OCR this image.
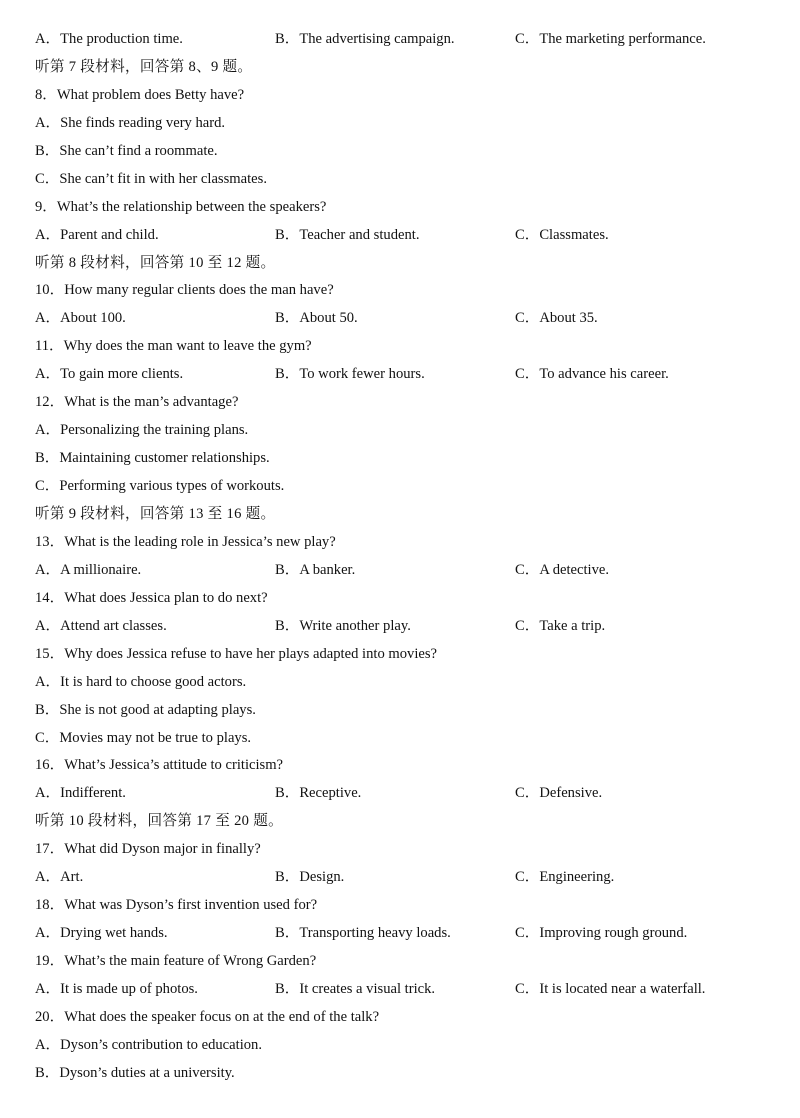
A．The production time.	B．The advertising campaign.	C．The marketing performance.
听第 7 段材料，回答第 8、9 题。
8．What problem does Betty have?
A．She finds reading very hard.
B．She can’t find a roommate.
C．She can’t fit in with her classmates.
9．What’s the relationship between the speakers?
A．Parent and child.	B．Teacher and student.	C．Classmates.
听第 8 段材料，回答第 10 至 12 题。
10．How many regular clients does the man have?
A．About 100.	B．About 50.	C．About 35.
11．Why does the man want to leave the gym?
A．To gain more clients.	B．To work fewer hours.	C．To advance his career.
12．What is the man’s advantage?
A．Personalizing the training plans.
B．Maintaining customer relationships.
C．Performing various types of workouts.
听第 9 段材料，回答第 13 至 16 题。
13．What is the leading role in Jessica’s new play?
A．A millionaire.	B．A banker.	C．A detective.
14．What does Jessica plan to do next?
A．Attend art classes.	B．Write another play.	C．Take a trip.
15．Why does Jessica refuse to have her plays adapted into movies?
A．It is hard to choose good actors.
B．She is not good at adapting plays.
C．Movies may not be true to plays.
16．What’s Jessica’s attitude to criticism?
A．Indifferent.	B．Receptive.	C．Defensive.
听第 10 段材料，回答第 17 至 20 题。
17．What did Dyson major in finally?
A．Art.	B．Design.	C．Engineering.
18．What was Dyson’s first invention used for?
A．Drying wet hands.	B．Transporting heavy loads.	C．Improving rough ground.
19．What’s the main feature of Wrong Garden?
A．It is made up of photos.	B．It creates a visual trick.	C．It is located near a waterfall.
20．What does the speaker focus on at the end of the talk?
A．Dyson’s contribution to education.
B．Dyson’s duties at a university.
